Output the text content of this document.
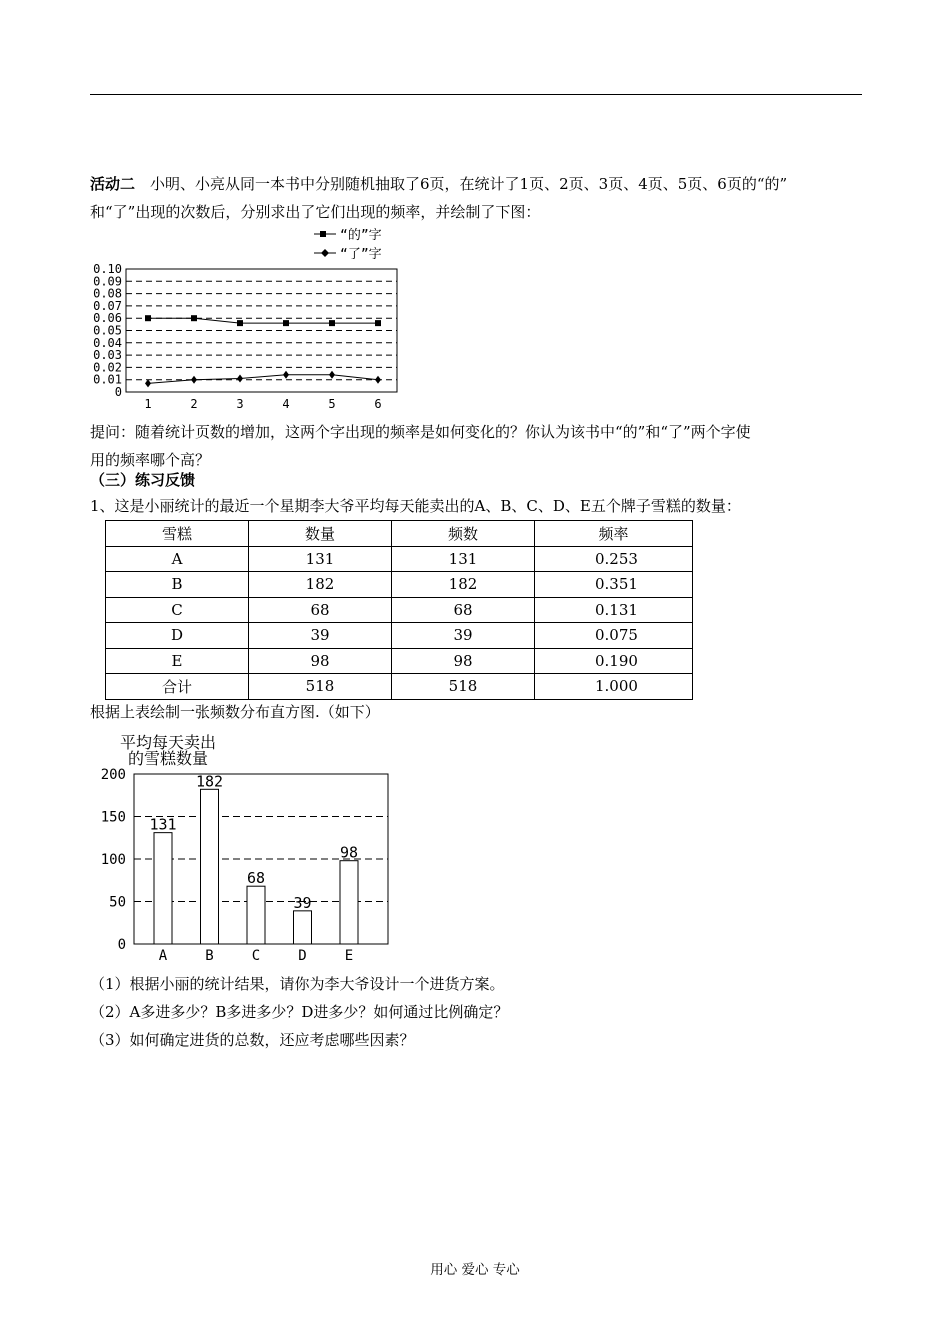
活动二　小明、小亮从同一本书中分别随机抽取了6页，在统计了1页、2页、3页、4页、5页、6页的“的”
和“了”出现的次数后，分别求出了它们出现的频率，并绘制了下图：
“的”字
“了”字
0
0.01
0.02
0.03
0.04
0.05
0.06
0.07
0.08
0.09
0.10
1	2	3	4	5	6
提问：随着统计页数的增加，这两个字出现的频率是如何变化的？你认为该书中“的”和“了”两个字使
用的频率哪个高？
（三）练习反馈
1、这是小丽统计的最近一个星期李大爷平均每天能卖出的A、B、C、D、E五个牌子雪糕的数量：
雪糕	数量	频数	频率
A	131	131	0.253
B	182	182	0.351
C	68	68	0.131
D	39	39	0.075
E	98	98	0.190
合计	518	518	1.000
根据上表绘制一张频数分布直方图.（如下）
平均每天卖出
的雪糕数量
0
50
100
150
200
131
182
68
39
98
A	B	C	D	E
（1）根据小丽的统计结果，请你为李大爷设计一个进货方案。
（2）A多进多少？B多进多少？D进多少？如何通过比例确定？
（3）如何确定进货的总数，还应考虑哪些因素？
用心 爱心 专心
